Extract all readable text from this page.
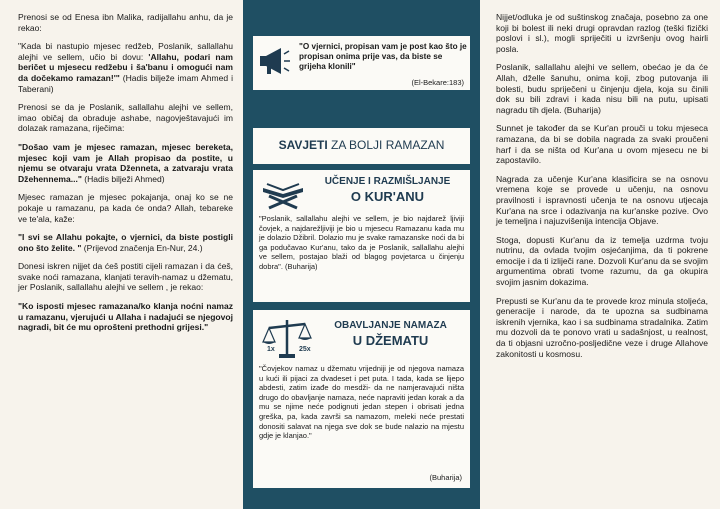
Prenosi se od Enesa ibn Malika, radijallahu anhu, da je rekao:

"Kada bi nastupio mjesec redžeb, Poslanik, sallallahu alejhi ve sellem, učio bi dovu: 'Allahu, podari nam beričet u mjesecu redžebu i ša'banu i omogući nam da dočekamo ramazan!'" (Hadis bilježe imam Ahmed i Taberani)

Prenosi se da je Poslanik, sallallahu alejhi ve sellem, imao običaj da obraduje ashabe, nagovještavajući im dolazak ramazana, riječima:

"Došao vam je mjesec ramazan, mjesec bereketa, mjesec koji vam je Allah propisao da postite, u njemu se otvaraju vrata Dženneta, a zatvaraju vrata Džehennema..." (Hadis bilježi Ahmed)

Mjesec ramazan je mjesec pokajanja, onaj ko se ne pokaje u ramazanu, pa kada će onda? Allah, tebareke ve te'ala, kaže:

"I svi se Allahu pokajte, o vjernici, da biste postigli ono što želite. " (Prijevod značenja En-Nur, 24.)

Donesi iskren nijjet da ćeš postiti cijeli ramazan i da ćeš, svake noći ramazana, klanjati teravih-namaz u džematu, jer Poslanik, sallallahu alejhi ve sellem , je rekao:

"Ko isposti mjesec ramazana/ko klanja noćni namaz u ramazanu, vjerujući u Allaha i nadajući se njegovoj nagradi, bit će mu oprošteni prethodni grijesi."

"O vjernici, propisan vam je post kao što je propisan onima prije vas, da biste se grijeha klonili"
(El-Bekare:183)
SAVJETI ZA BOLJI RAMAZAN
UČENJE I RAZMIŠLJANJE
O KUR'ANU
"Poslanik, sallallahu alejhi ve sellem, je bio najdarež ljiviji čovjek, a najdarežljiviji je bio u mjesecu Ramazanu kada mu je dolazio Džibril. Dolazio mu je svake ramazanske noći da bi ga podučavao Kur'anu, tako da je Poslanik, sallallahu alejhi ve sellem, postajao blaži od blagog povjetarca u činjenju dobra". (Buharija)
1x	25x
OBAVLJANJE NAMAZA
U DŽEMATU
"Čovjekov namaz u džematu vrijedniji je od njegova namaza u kući ili pijaci za dvadeset i pet puta. I tada, kada se lijepo abdesti, zatim izađe do mesdži- da ne namjeravajući ništa drugo do obavljanje namaza, neće napraviti jedan korak a da mu se njime neće podignuti jedan stepen i obrisati jedna greška, pa, kada završi sa namazom, meleki neće prestati donositi salavat na njega sve dok se bude nalazio na mjestu gdje je klanjao."
(Buharija)

Nijjet/odluka je od suštinskog značaja, posebno za one koji bi bolest ili neki drugi opravdan razlog (teški fizički poslovi i sl.), mogli spriječiti u izvršenju ovog hairli posla.

Poslanik, sallallahu alejhi ve sellem, obećao je da će Allah, dželle šanuhu, onima koji, zbog putovanja ili bolesti, budu spriječeni u činjenju djela, koja su činili dok su bili zdravi i kada nisu bili na putu, upisati nagradu tih djela. (Buharija)

Sunnet je također da se Kur'an prouči u toku mjeseca ramazana, da bi se dobila nagrada za svaki proučeni harf i da se ništa od Kur'ana u ovom mjesecu ne bi zapostavilo.

Nagrada za učenje Kur'ana klasificira se na osnovu vremena koje se provede u učenju, na osnovu pravilnosti i ispravnosti učenja te na osnovu utjecaja Kur'ana na srce i odazivanja na kur'anske pozive. Ovo je temeljna i najuzvišenija intencija Objave.

Stoga, dopusti Kur'anu da iz temelja uzdrma tvoju nutrinu, da ovlada tvojim osjećanjima, da ti pokrene emocije i da ti izliječi rane. Dozvoli Kur'anu da se svojim argumentima obrati tvome razumu, da ga okupira svojim jasnim dokazima.

Prepusti se Kur'anu da te provede kroz minula stoljeća, generacije i narode, da te upozna sa sudbinama iskrenih vjernika, kao i sa sudbinama stradalnika. Zatim mu dozvoli da te ponovo vrati u sadašnjost, u realnost, da ti objasni uzročno-posljedične veze i druge Allahove zakonitosti u kosmosu.
